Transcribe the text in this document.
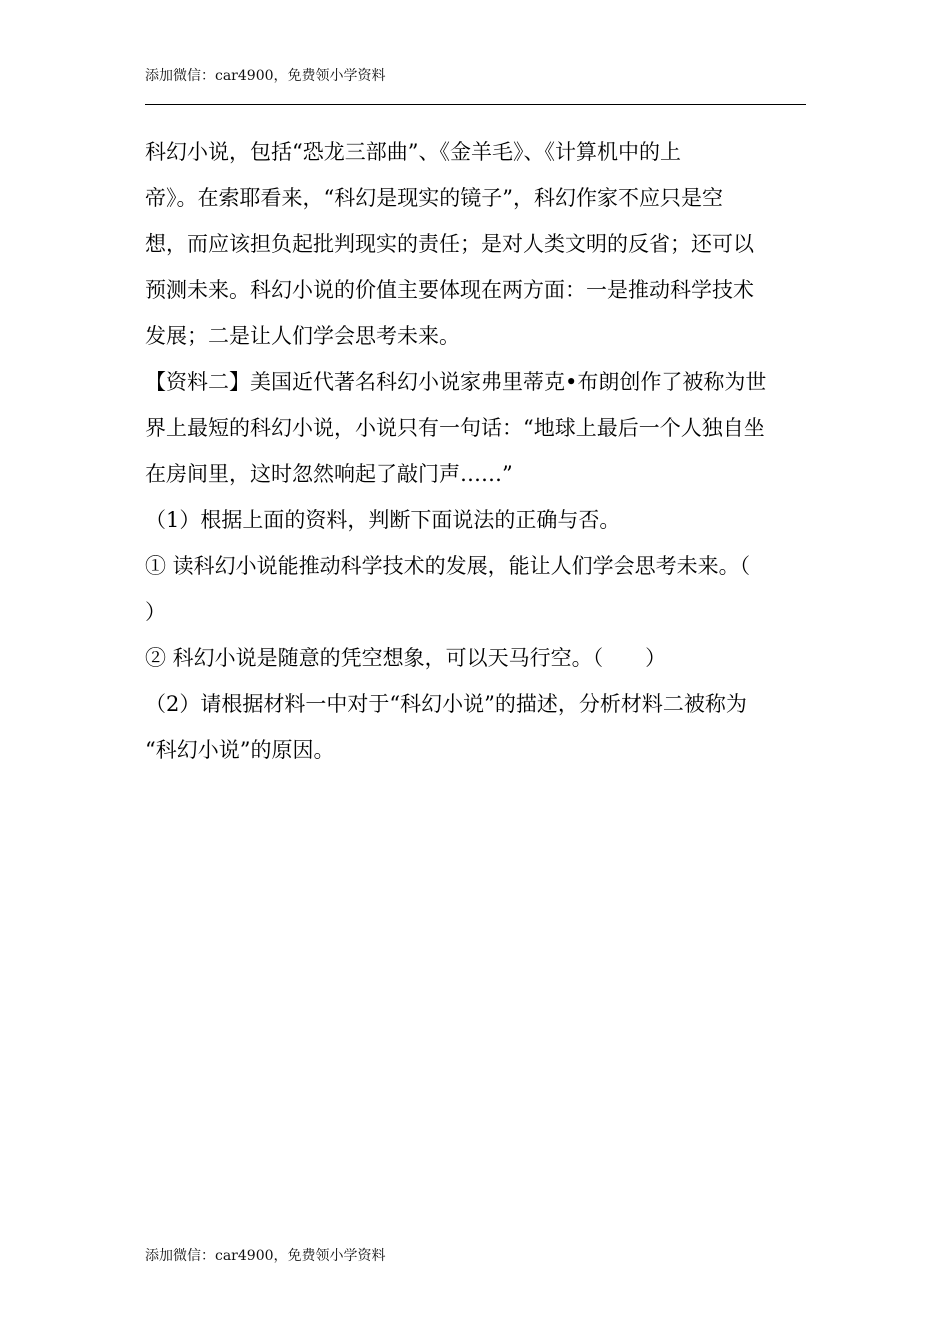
添加微信：car4900，免费领小学资料
科幻小说，包括“恐龙三部曲”、《金羊毛》、《计算机中的上
帝》。在索耶看来，“科幻是现实的镜子”，科幻作家不应只是空
想，而应该担负起批判现实的责任；是对人类文明的反省；还可以
预测未来。科幻小说的价值主要体现在两方面：一是推动科学技术
发展；二是让人们学会思考未来。
【资料二】美国近代著名科幻小说家弗里蒂克•布朗创作了被称为世
界上最短的科幻小说，小说只有一句话：“地球上最后一个人独自坐
在房间里，这时忽然响起了敲门声……”
（1）根据上面的资料，判断下面说法的正确与否。
① 读科幻小说能推动科学技术的发展，能让人们学会思考未来。（
）
② 科幻小说是随意的凭空想象，可以天马行空。（　　）
（2）请根据材料一中对于“科幻小说”的描述，分析材料二被称为
“科幻小说”的原因。
添加微信：car4900，免费领小学资料
